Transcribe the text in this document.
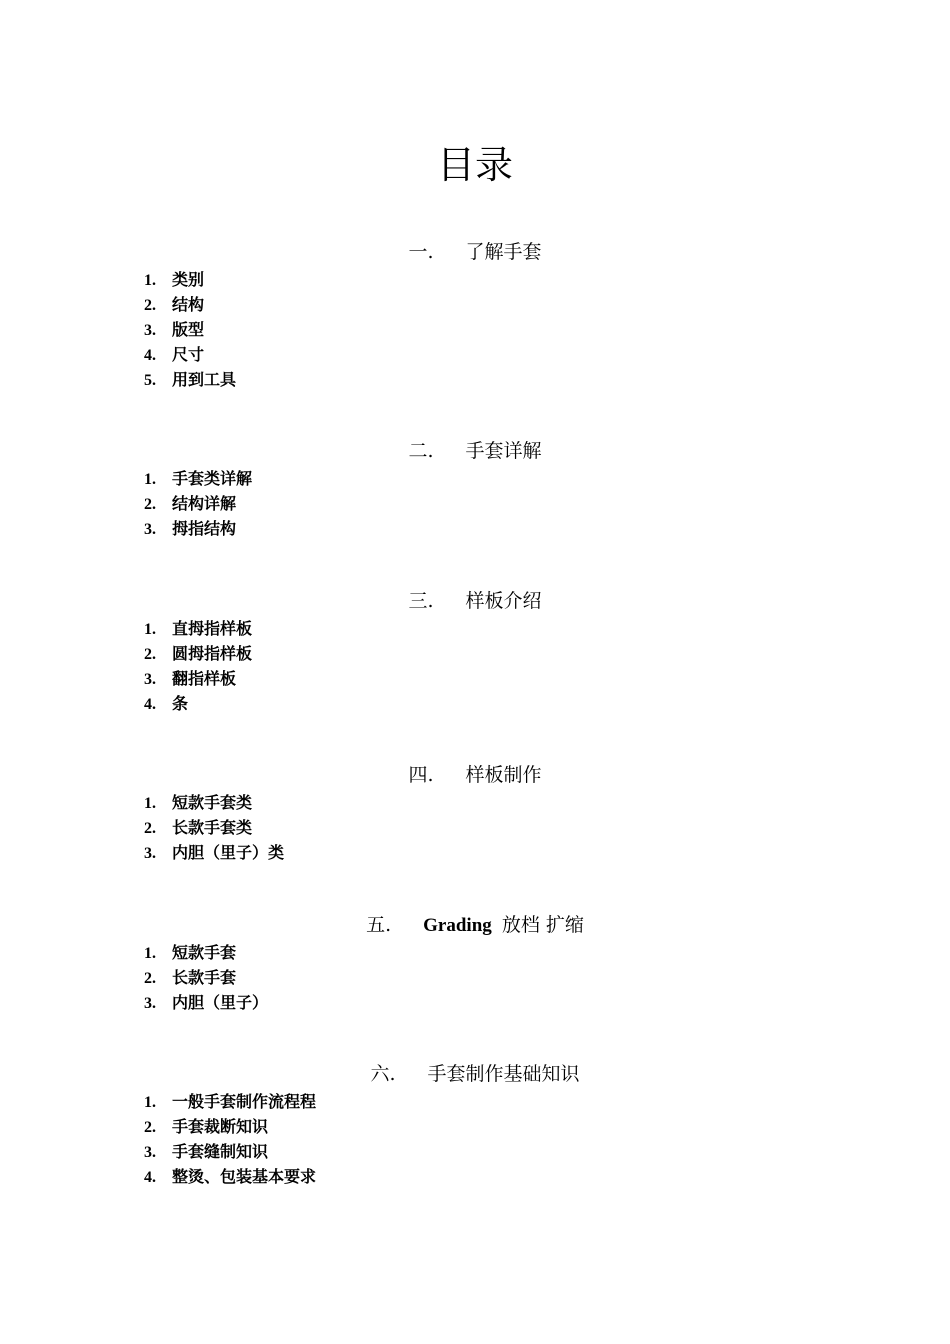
目录
一. 了解手套
1. 类别
2. 结构
3. 版型
4. 尺寸
5. 用到工具
二. 手套详解
1. 手套类详解
2. 结构详解
3. 拇指结构
三. 样板介绍
1. 直拇指样板
2. 圆拇指样板
3. 翻指样板
4. 条
四. 样板制作
1. 短款手套类
2. 长款手套类
3. 内胆（里子）类
五. Grading 放档 扩缩
1. 短款手套
2. 长款手套
3. 内胆（里子）
六. 手套制作基础知识
1. 一般手套制作流程程
2. 手套裁断知识
3. 手套缝制知识
4. 整烫、包装基本要求
